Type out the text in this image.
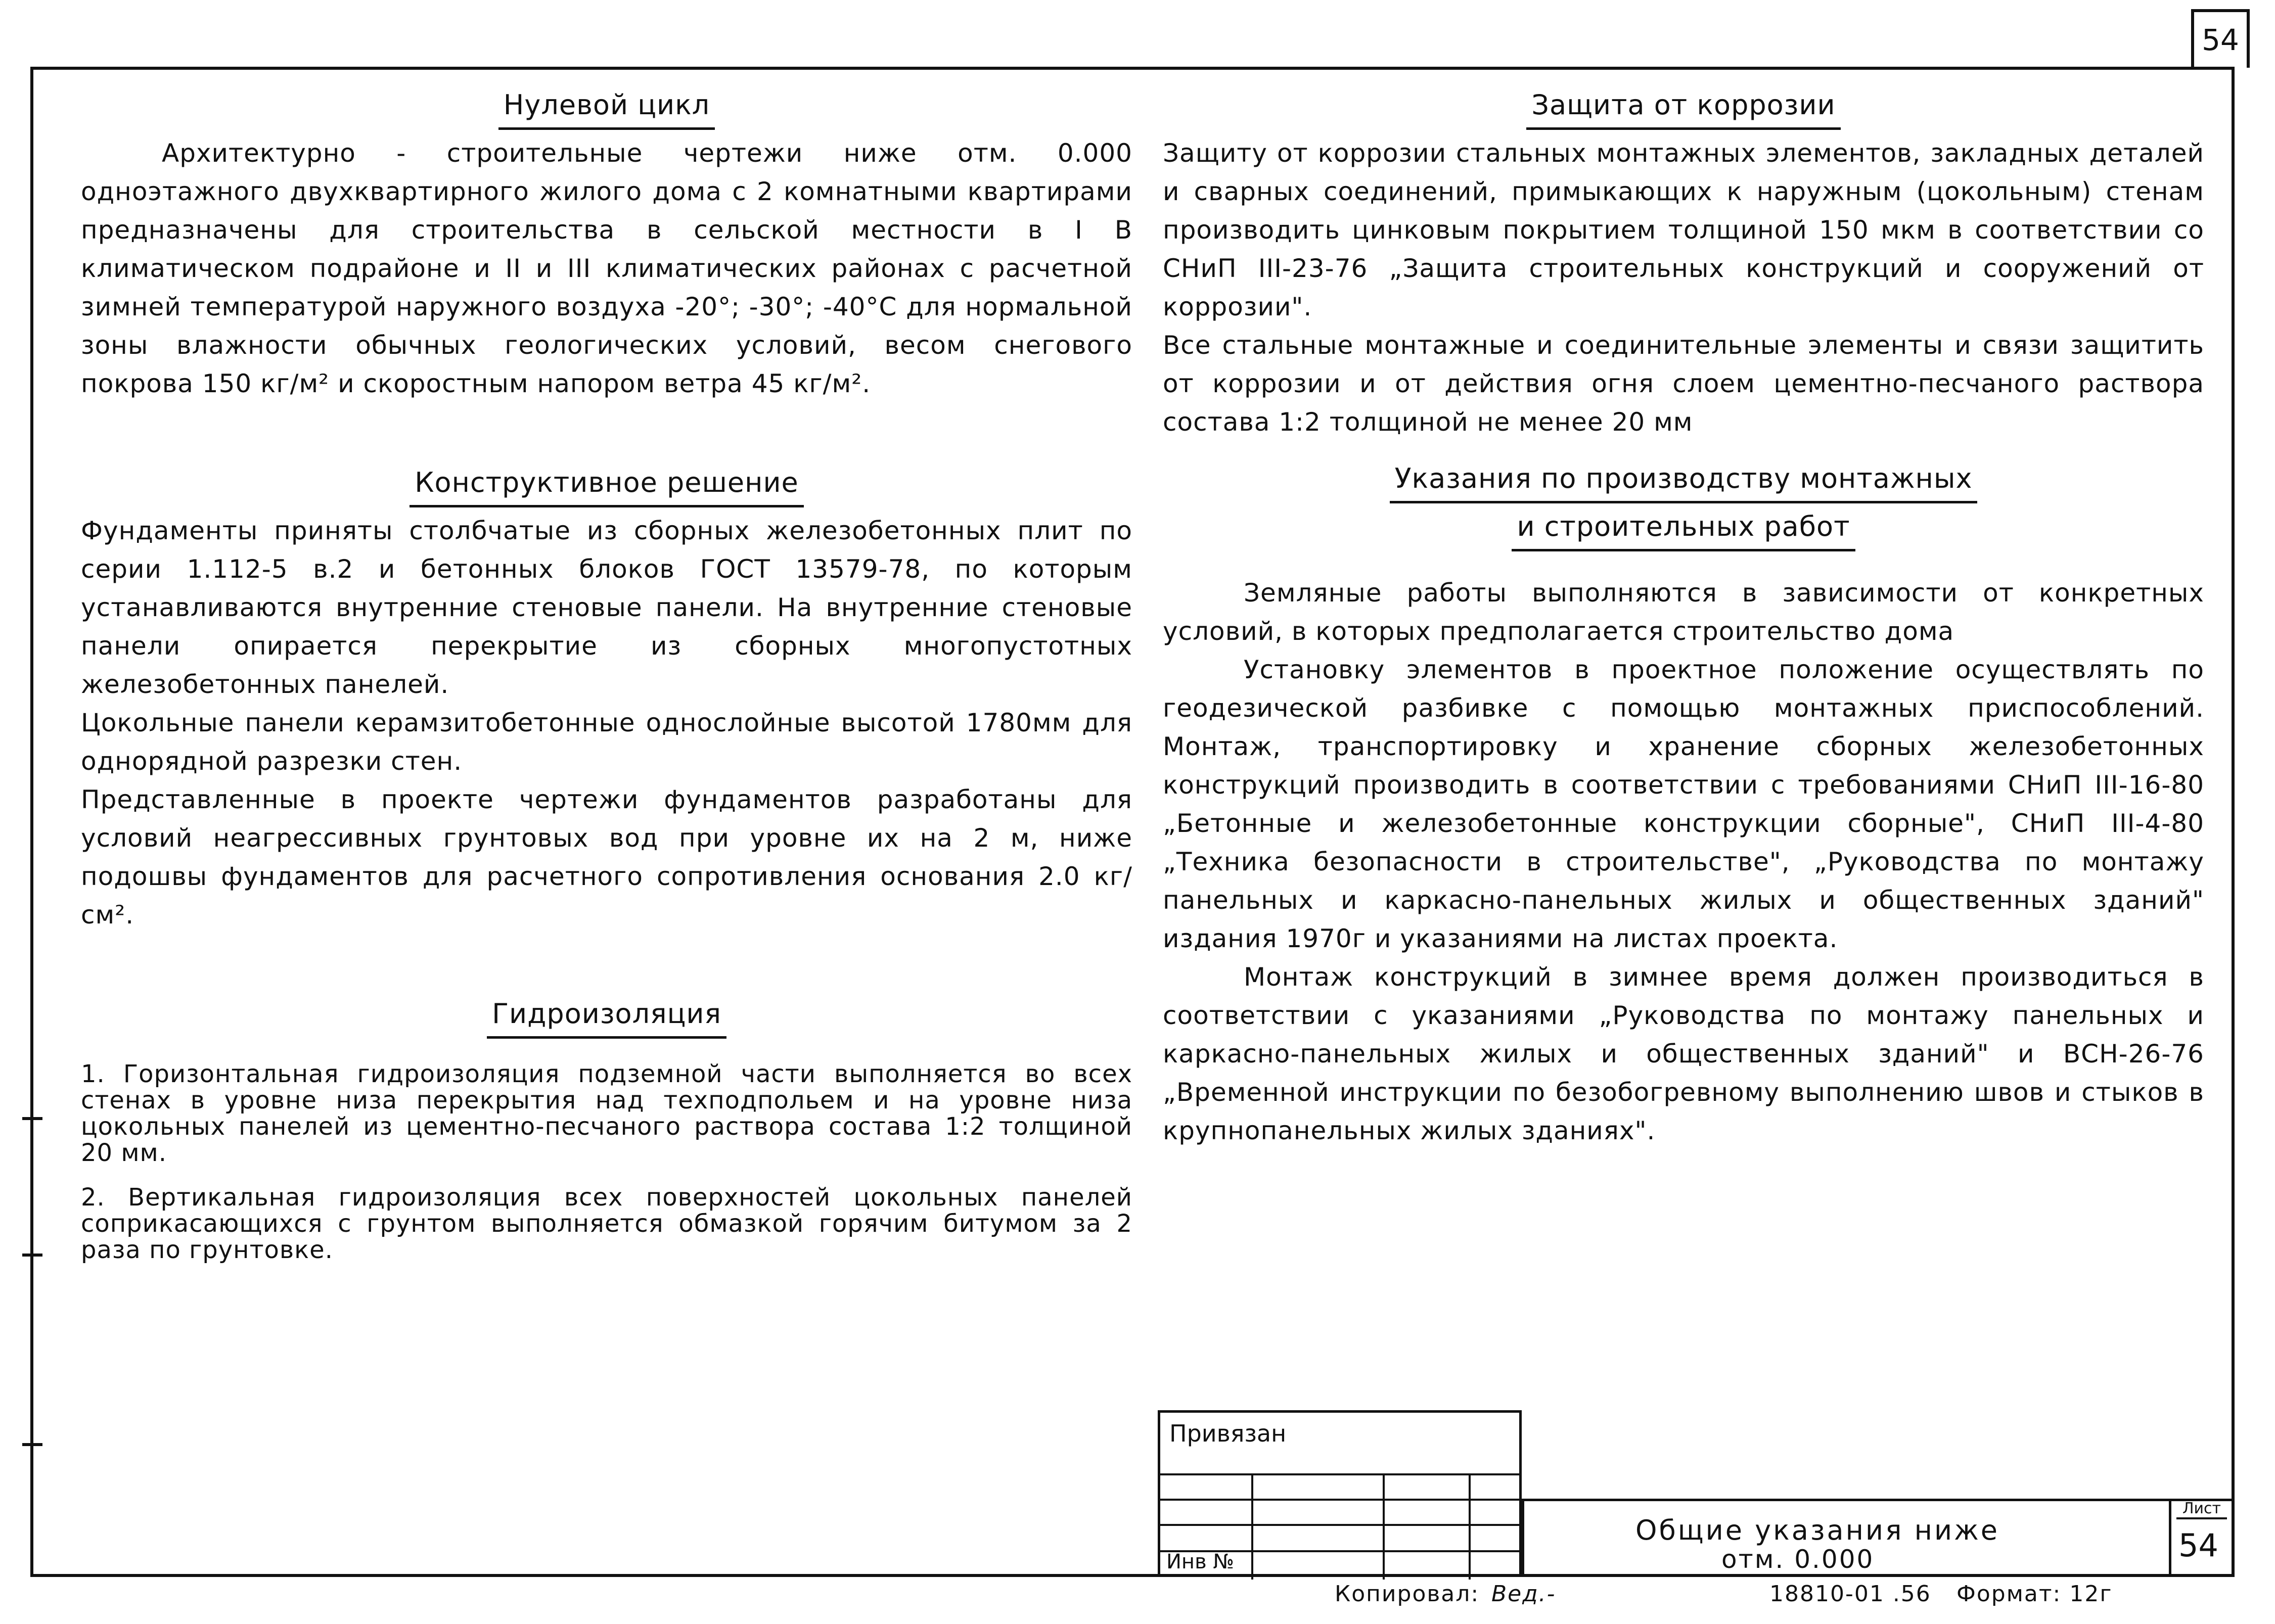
54
Нулевой цикл

Архитектурно - строительные чертежи ниже отм. 0.000 одноэтажного двухквартирного жилого дома с 2 комнатными квартирами предназначены для строительства в сельской местности в I В климатическом подрайоне и II и III климатических районах с расчетной зимней температурой наружного воздуха -20°; -30°; -40°С для нормальной зоны влажности обычных геологических условий, весом снегового покрова 150 кг/м² и скоростным напором ветра 45 кг/м².

Конструктивное решение

Фундаменты приняты столбчатые из сборных железобетонных плит по серии 1.112-5 в.2 и бетонных блоков ГОСТ 13579-78, по которым устанавливаются внутренние стеновые панели. На внутренние стеновые панели опирается перекрытие из сборных многопустотных железобетонных панелей.

Цокольные панели керамзитобетонные однослойные высотой 1780мм для однорядной разрезки стен.

Представленные в проекте чертежи фундаментов разработаны для условий неагрессивных грунтовых вод при уровне их на 2 м, ниже подошвы фундаментов для расчетного сопротивления основания 2.0 кг/см².

Гидроизоляция

1. Горизонтальная гидроизоляция подземной части выполняется во всех стенах в уровне низа перекрытия над техподпольем и на уровне низа цокольных панелей из цементно-песчаного раствора состава 1:2 толщиной 20 мм.

2. Вертикальная гидроизоляция всех поверхностей цокольных панелей соприкасающихся с грунтом выполняется обмазкой горячим битумом за 2 раза по грунтовке.

Защита от коррозии

Защиту от коррозии стальных монтажных элементов, закладных деталей и сварных соединений, примыкающих к наружным (цокольным) стенам производить цинковым покрытием толщиной 150 мкм в соответствии со СНиП III-23-76 „Защита строительных конструкций и сооружений от коррозии".

Все стальные монтажные и соединительные элементы и связи защитить от коррозии и от действия огня слоем цементно-песчаного раствора состава 1:2 толщиной не менее 20 мм

Указания по производству монтажных
и строительных работ

Земляные работы выполняются в зависимости от конкретных условий, в которых предполагается строительство дома

Установку элементов в проектное положение осуществлять по геодезической разбивке с помощью монтажных приспособлений. Монтаж, транспортировку и хранение сборных железобетонных конструкций производить в соответствии с требованиями СНиП III-16-80 „Бетонные и железобетонные конструкции сборные", СНиП III-4-80 „Техника безопасности в строительстве", „Руководства по монтажу панельных и каркасно-панельных жилых и общественных зданий" издания 1970г и указаниями на листах проекта.

Монтаж конструкций в зимнее время должен производиться в соответствии с указаниями „Руководства по монтажу панельных и каркасно-панельных жилых и общественных зданий" и ВСН-26-76 „Временной инструкции по безобогревному выполнению швов и стыков в крупнопанельных жилых зданиях".

Привязан
Инв №
Общие указания ниже
отм. 0.000
Лист
54
Копировал: Вед.-	18810-01 .56 Формат: 12г
